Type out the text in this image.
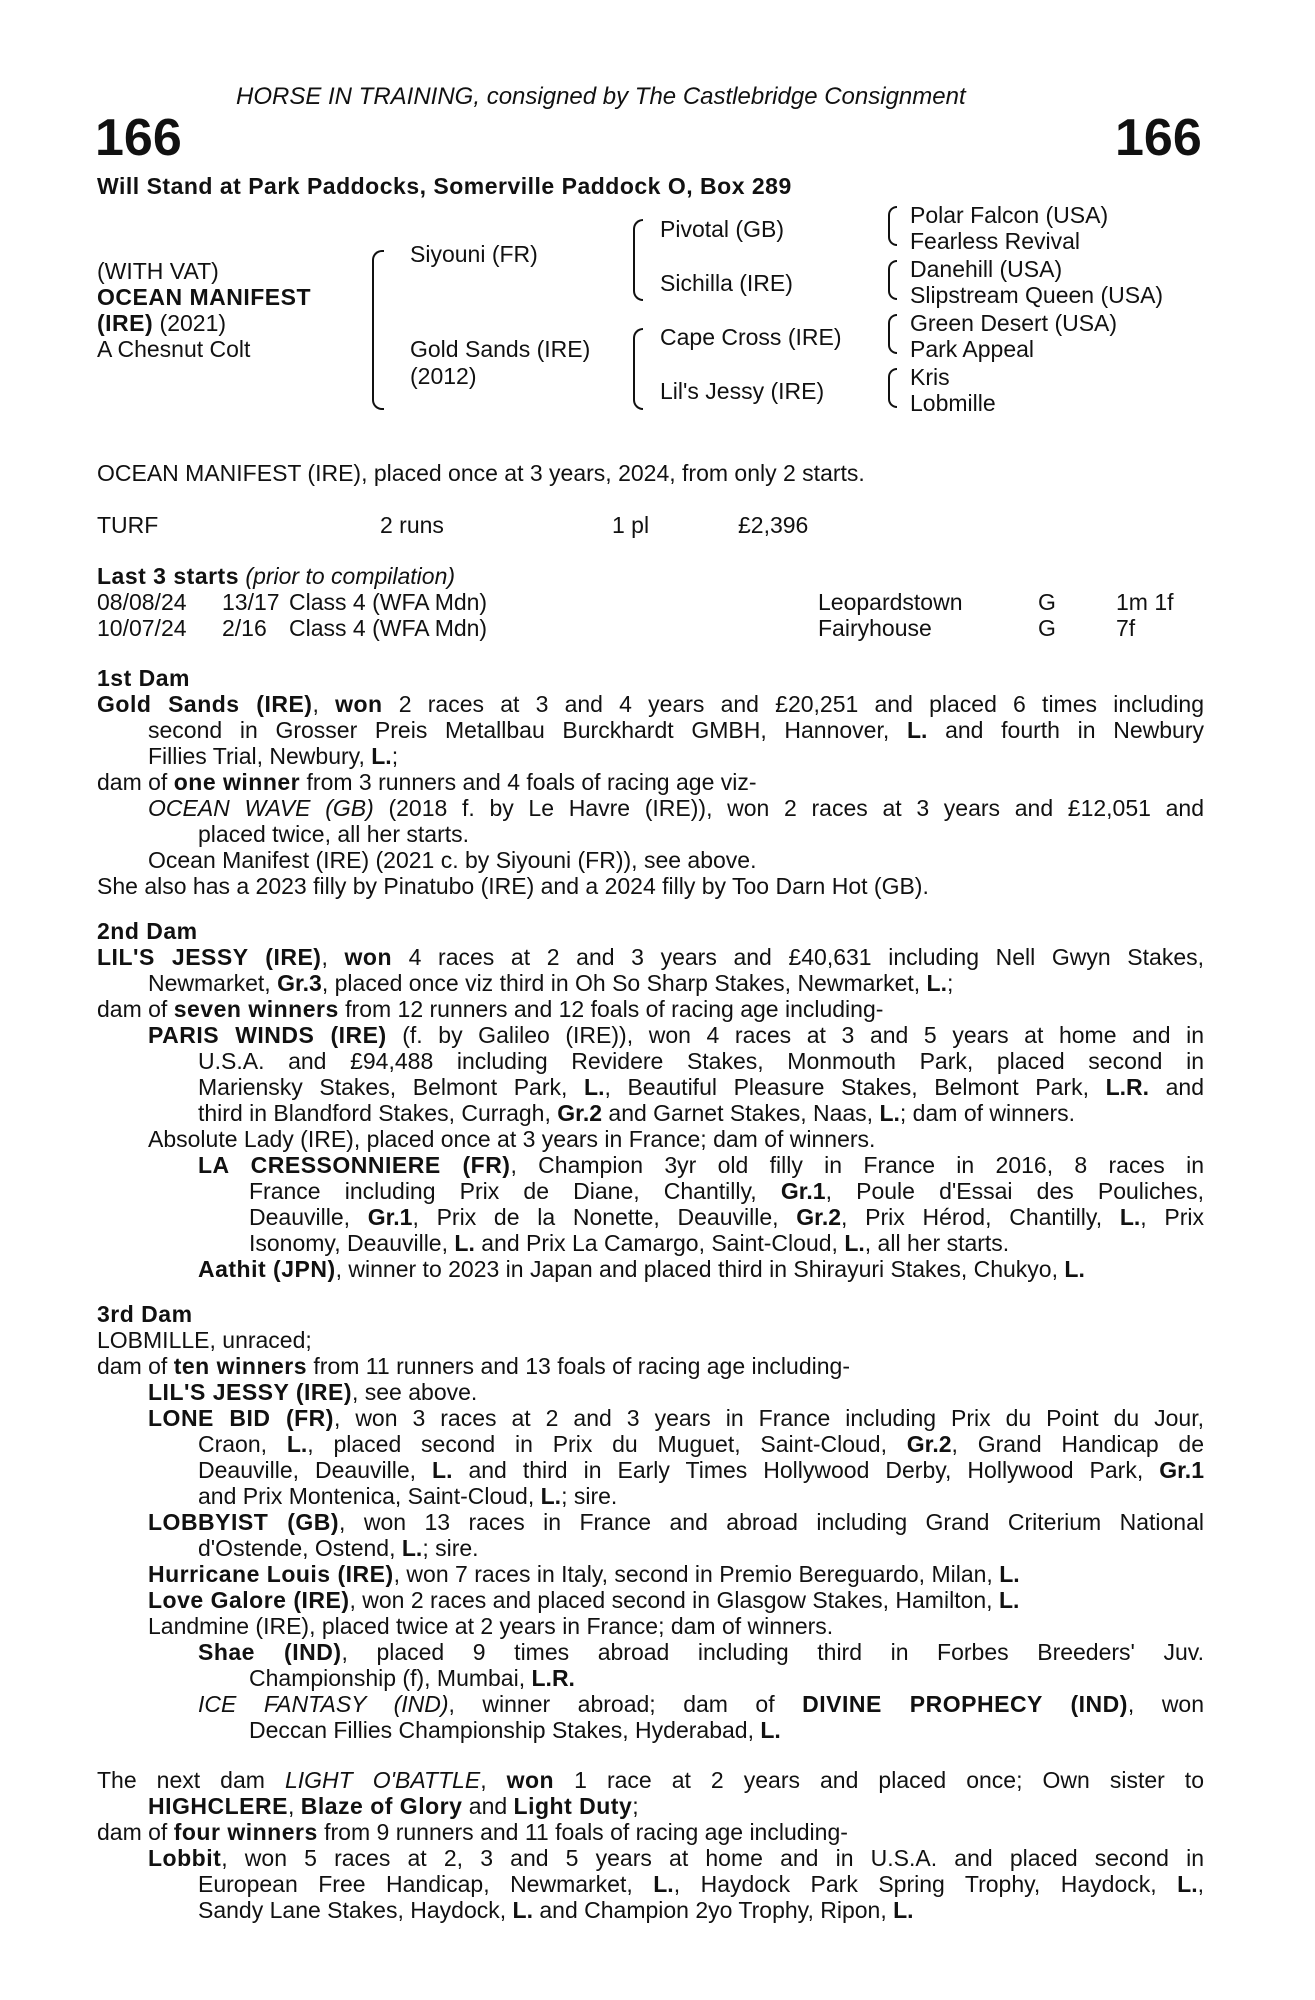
HORSE IN TRAINING, consigned by The Castlebridge Consignment
166	166
Will Stand at Park Paddocks, Somerville Paddock O, Box 289
(WITH VAT)
OCEAN MANIFEST
(IRE) (2021)
A Chesnut Colt
Siyouni (FR)
Gold Sands (IRE)
(2012)
Pivotal (GB)
Sichilla (IRE)
Cape Cross (IRE)
Lil's Jessy (IRE)
Polar Falcon (USA)
Fearless Revival
Danehill (USA)
Slipstream Queen (USA)
Green Desert (USA)
Park Appeal
Kris
Lobmille
OCEAN MANIFEST (IRE), placed once at 3 years, 2024, from only 2 starts.
TURF	2 runs	1 pl	£2,396
Last 3 starts (prior to compilation)
08/08/24 13/17 Class 4 (WFA Mdn)	Leopardstown	G	1m 1f
10/07/24 2/16 Class 4 (WFA Mdn)	Fairyhouse	G	7f
1st Dam
Gold Sands (IRE), won 2 races at 3 and 4 years and £20,251 and placed 6 times including
second in Grosser Preis Metallbau Burckhardt GMBH, Hannover, L. and fourth in Newbury
Fillies Trial, Newbury, L.;
dam of one winner from 3 runners and 4 foals of racing age viz-
OCEAN WAVE (GB) (2018 f. by Le Havre (IRE)), won 2 races at 3 years and £12,051 and
placed twice, all her starts.
Ocean Manifest (IRE) (2021 c. by Siyouni (FR)), see above.
She also has a 2023 filly by Pinatubo (IRE) and a 2024 filly by Too Darn Hot (GB).
2nd Dam
LIL'S JESSY (IRE), won 4 races at 2 and 3 years and £40,631 including Nell Gwyn Stakes,
Newmarket, Gr.3, placed once viz third in Oh So Sharp Stakes, Newmarket, L.;
dam of seven winners from 12 runners and 12 foals of racing age including-
PARIS WINDS (IRE) (f. by Galileo (IRE)), won 4 races at 3 and 5 years at home and in
U.S.A. and £94,488 including Revidere Stakes, Monmouth Park, placed second in
Mariensky Stakes, Belmont Park, L., Beautiful Pleasure Stakes, Belmont Park, L.R. and
third in Blandford Stakes, Curragh, Gr.2 and Garnet Stakes, Naas, L.; dam of winners.
Absolute Lady (IRE), placed once at 3 years in France; dam of winners.
LA CRESSONNIERE (FR), Champion 3yr old filly in France in 2016, 8 races in
France including Prix de Diane, Chantilly, Gr.1, Poule d'Essai des Pouliches,
Deauville, Gr.1, Prix de la Nonette, Deauville, Gr.2, Prix Hérod, Chantilly, L., Prix
Isonomy, Deauville, L. and Prix La Camargo, Saint-Cloud, L., all her starts.
Aathit (JPN), winner to 2023 in Japan and placed third in Shirayuri Stakes, Chukyo, L.
3rd Dam
LOBMILLE, unraced;
dam of ten winners from 11 runners and 13 foals of racing age including-
LIL'S JESSY (IRE), see above.
LONE BID (FR), won 3 races at 2 and 3 years in France including Prix du Point du Jour,
Craon, L., placed second in Prix du Muguet, Saint-Cloud, Gr.2, Grand Handicap de
Deauville, Deauville, L. and third in Early Times Hollywood Derby, Hollywood Park, Gr.1
and Prix Montenica, Saint-Cloud, L.; sire.
LOBBYIST (GB), won 13 races in France and abroad including Grand Criterium National
d'Ostende, Ostend, L.; sire.
Hurricane Louis (IRE), won 7 races in Italy, second in Premio Bereguardo, Milan, L.
Love Galore (IRE), won 2 races and placed second in Glasgow Stakes, Hamilton, L.
Landmine (IRE), placed twice at 2 years in France; dam of winners.
Shae (IND), placed 9 times abroad including third in Forbes Breeders' Juv.
Championship (f), Mumbai, L.R.
ICE FANTASY (IND), winner abroad; dam of DIVINE PROPHECY (IND), won
Deccan Fillies Championship Stakes, Hyderabad, L.
The next dam LIGHT O'BATTLE, won 1 race at 2 years and placed once; Own sister to
HIGHCLERE, Blaze of Glory and Light Duty;
dam of four winners from 9 runners and 11 foals of racing age including-
Lobbit, won 5 races at 2, 3 and 5 years at home and in U.S.A. and placed second in
European Free Handicap, Newmarket, L., Haydock Park Spring Trophy, Haydock, L.,
Sandy Lane Stakes, Haydock, L. and Champion 2yo Trophy, Ripon, L.
